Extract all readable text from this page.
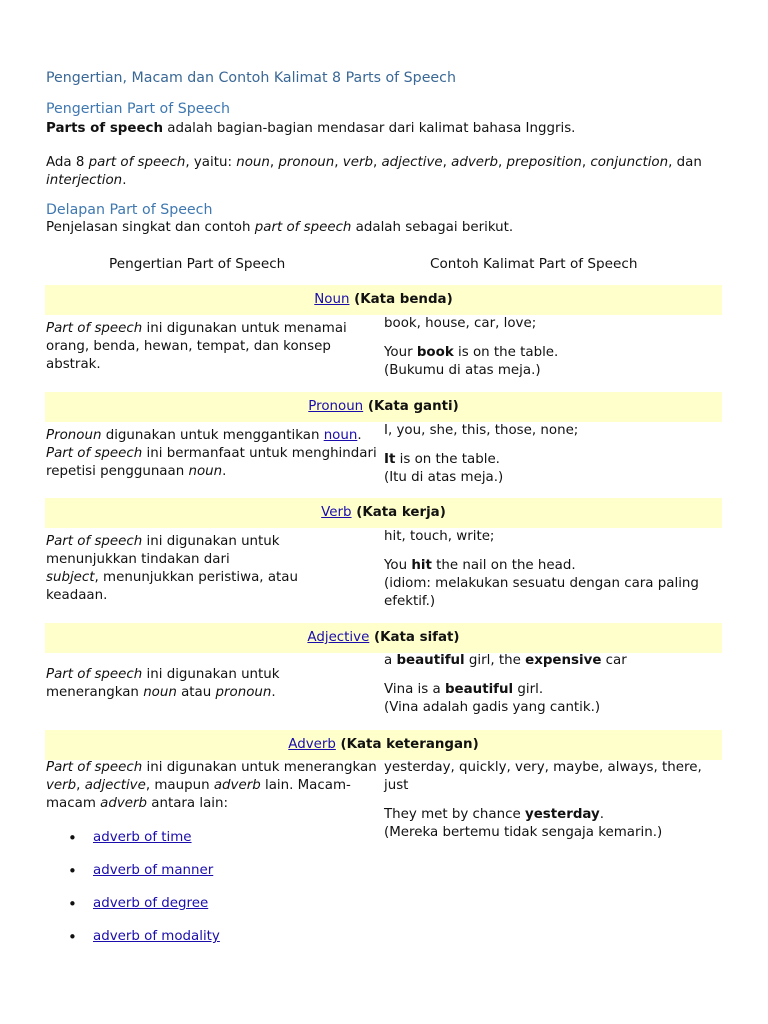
Pengertian, Macam dan Contoh Kalimat 8 Parts of Speech
Pengertian Part of Speech
Parts of speech adalah bagian-bagian mendasar dari kalimat bahasa Inggris.
Ada 8 part of speech, yaitu: noun, pronoun, verb, adjective, adverb, preposition, conjunction, dan interjection.
Delapan Part of Speech
Penjelasan singkat dan contoh part of speech adalah sebagai berikut.
Pengertian Part of Speech	Contoh Kalimat Part of Speech
Noun (Kata benda)
Part of speech ini digunakan untuk menamai orang, benda, hewan, tempat, dan konsep abstrak.
book, house, car, love;
Your book is on the table.
(Bukumu di atas meja.)
Pronoun (Kata ganti)
Pronoun digunakan untuk menggantikan noun.
Part of speech ini bermanfaat untuk menghindari repetisi penggunaan noun.
I, you, she, this, those, none;
It is on the table.
(Itu di atas meja.)
Verb (Kata kerja)
Part of speech ini digunakan untuk menunjukkan tindakan dari
subject, menunjukkan peristiwa, atau keadaan.
hit, touch, write;
You hit the nail on the head.
(idiom: melakukan sesuatu dengan cara paling efektif.)
Adjective (Kata sifat)
Part of speech ini digunakan untuk menerangkan noun atau pronoun.
a beautiful girl, the expensive car
Vina is a beautiful girl.
(Vina adalah gadis yang cantik.)
Adverb (Kata keterangan)
Part of speech ini digunakan untuk menerangkan verb, adjective, maupun adverb lain. Macam-macam adverb antara lain:
yesterday, quickly, very, maybe, always, there, just
They met by chance yesterday.
(Mereka bertemu tidak sengaja kemarin.)
• adverb of time
• adverb of manner
• adverb of degree
• adverb of modality
